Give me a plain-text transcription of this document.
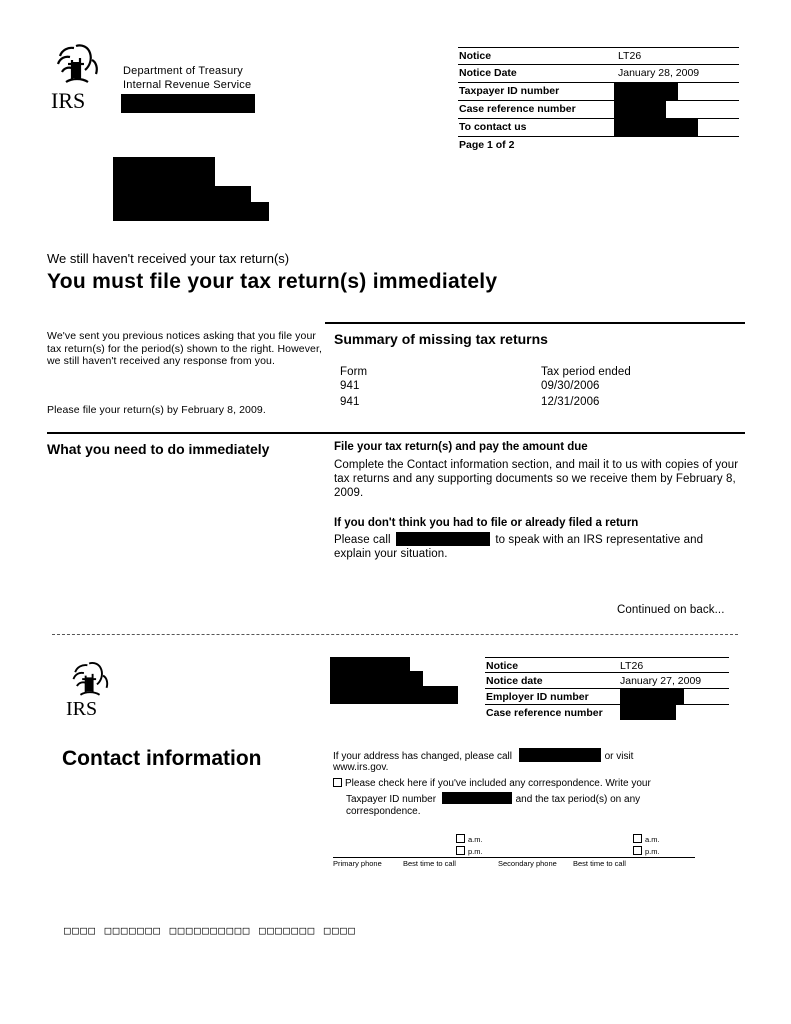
IRS
Department of Treasury
Internal Revenue Service
Notice	LT26
Notice Date	January 28, 2009
Taxpayer ID number
Case reference number
To contact us
Page 1 of 2
We still haven't received your tax return(s)
You must file your tax return(s) immediately
We've sent you previous notices asking that you file your tax return(s) for the period(s) shown to the right. However, we still haven't received any response from you.
Please file your return(s) by February 8, 2009.
Summary of missing tax returns
Form	Tax period ended
941	09/30/2006
941	12/31/2006
What you need to do immediately	File your tax return(s) and pay the amount due
Complete the Contact information section, and mail it to us with copies of your tax returns and any supporting documents so we receive them by February 8, 2009.
If you don't think you had to file or already filed a return
Please call	to speak with an IRS representative and
explain your situation.
Continued on back...
IRS
Notice	LT26
Notice date	January 27, 2009
Employer ID number
Case reference number
Contact information	If your address has changed, please call	or visit
www.irs.gov.
Please check here if you've included any correspondence. Write your
Taxpayer ID number	and the tax period(s) on any
correspondence.
a.m.
p.m.
a.m.
p.m.
Primary phone	Best time to call	Secondary phone Best time to call
□□□□ □□□□□□□ □□□□□□□□□□ □□□□□□□ □□□□
